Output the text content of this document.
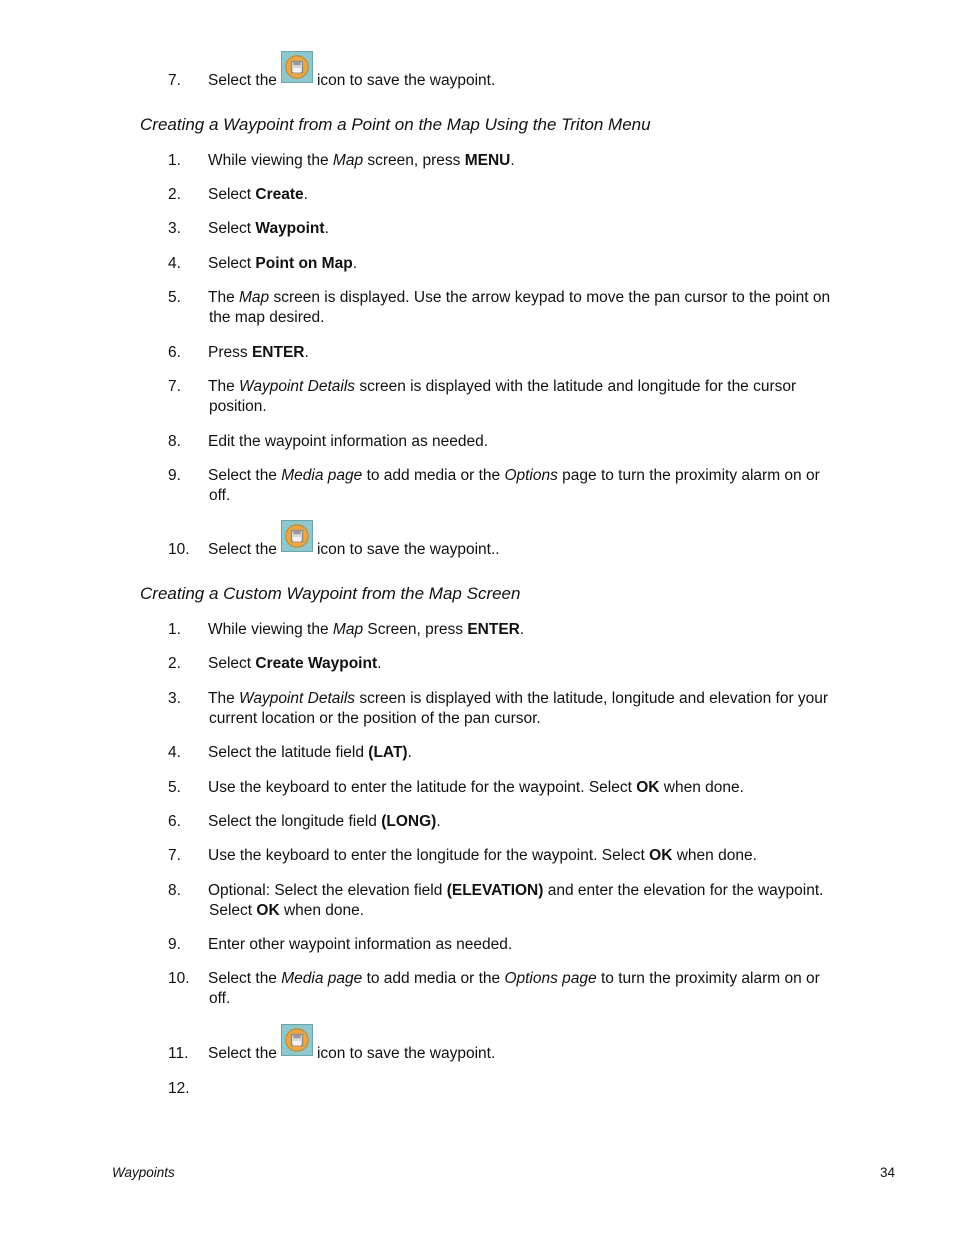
7. Select the	icon to save the waypoint.
Creating a Waypoint from a Point on the Map Using the Triton Menu
1. While viewing the Map screen, press MENU.
2. Select Create.
3. Select Waypoint.
4. Select Point on Map.
5. The Map screen is displayed. Use the arrow keypad to move the pan cursor to the point on
the map desired.
6. Press ENTER.
7. The Waypoint Details screen is displayed with the latitude and longitude for the cursor
position.
8. Edit the waypoint information as needed.
9. Select the Media page to add media or the Options page to turn the proximity alarm on or
off.
10. Select the	icon to save the waypoint..
Creating a Custom Waypoint from the Map Screen
1. While viewing the Map Screen, press ENTER.
2. Select Create Waypoint.
3. The Waypoint Details screen is displayed with the latitude, longitude and elevation for your
current location or the position of the pan cursor.
4. Select the latitude field (LAT).
5. Use the keyboard to enter the latitude for the waypoint. Select OK when done.
6. Select the longitude field (LONG).
7. Use the keyboard to enter the longitude for the waypoint. Select OK when done.
8. Optional: Select the elevation field (ELEVATION) and enter the elevation for the waypoint.
Select OK when done.
9. Enter other waypoint information as needed.
10. Select the Media page to add media or the Options page to turn the proximity alarm on or
off.
11. Select the	icon to save the waypoint.
12.
Waypoints	34
